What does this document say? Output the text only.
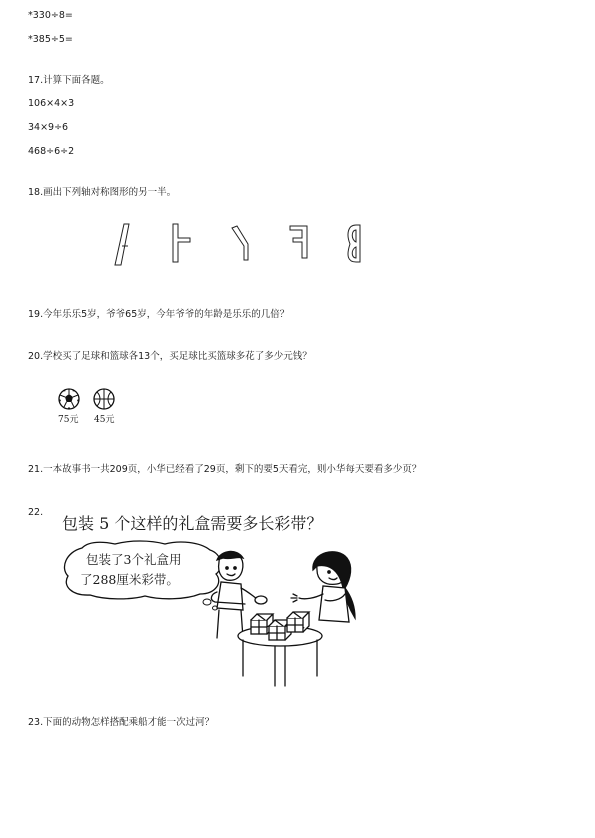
*330÷8=
*385÷5=
17.计算下面各题。
106×4×3
34×9÷6
468÷6÷2
18.画出下列轴对称图形的另一半。
19.今年乐乐5岁，爷爷65岁，今年爷爷的年龄是乐乐的几倍？
20.学校买了足球和篮球各13个，买足球比买篮球多花了多少元钱？
75元 45元
21.一本故事书一共209页，小华已经看了29页，剩下的要5天看完，则小华每天要看多少页？
22.
包装 5 个这样的礼盒需要多长彩带？
包装了3个礼盒用
了288厘米彩带。
23.下面的动物怎样搭配乘船才能一次过河？
